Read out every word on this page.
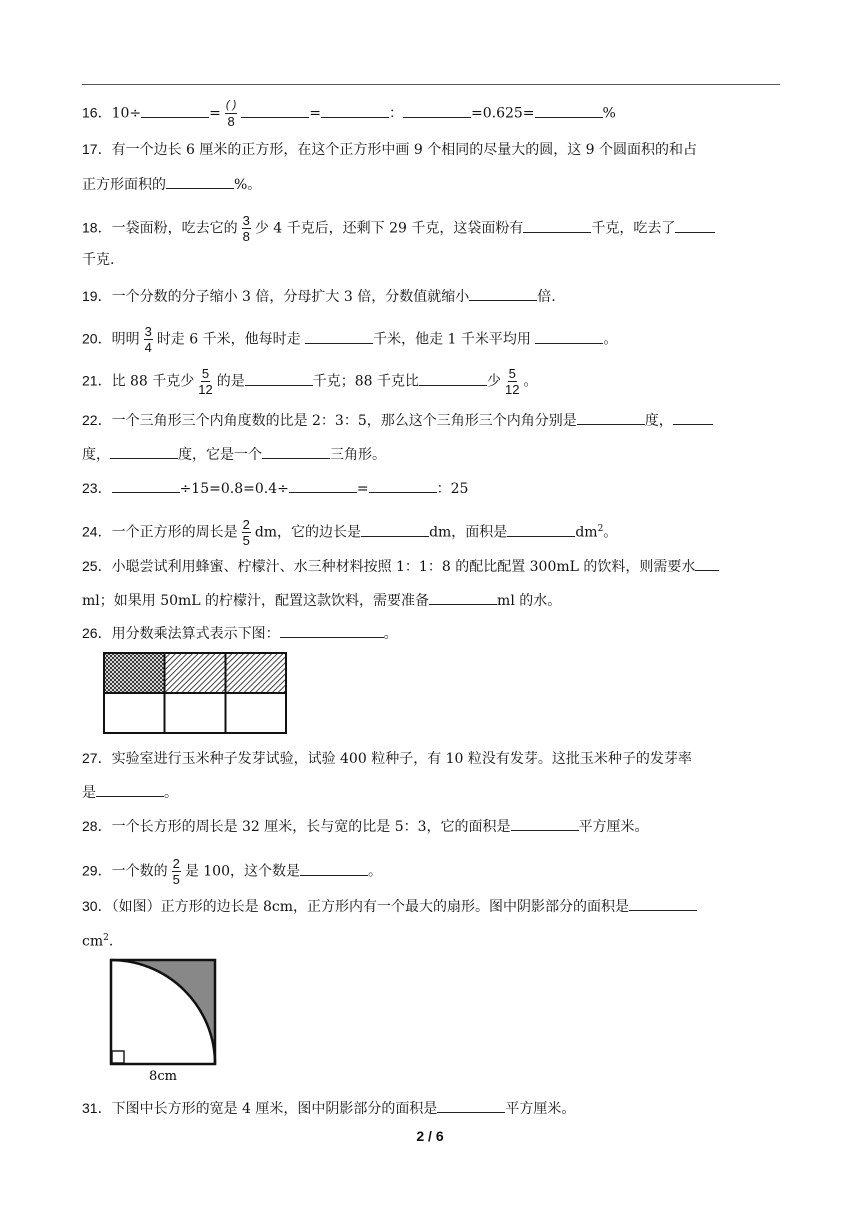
16．10÷	= $\frac{( )}{8}$	=	：	=0.625=	%
17．有一个边长 6 厘米的正方形，在这个正方形中画 9 个相同的尽量大的圆，这 9 个圆面积的和占
正方形面积的	%。
18．一袋面粉，吃去它的 $\frac{3}{8}$ 少 4 千克后，还剩下 29 千克，这袋面粉有	千克，吃去了
千克.
19．一个分数的分子缩小 3 倍，分母扩大 3 倍，分数值就缩小	倍.
20．明明 $\frac{3}{4}$ 时走 6 千米，他每时走	千米，他走 1 千米平均用	。
21．比 88 千克少 $\frac{5}{12}$ 的是	千克；88 千克比	少 $\frac{5}{12}$ 。
22．一个三角形三个内角度数的比是 2：3：5，那么这个三角形三个内角分别是	度，
度，	度，它是一个	三角形。
23．	÷15=0.8=0.4÷	=	：25
24．一个正方形的周长是 $\frac{2}{5}$ dm，它的边长是	dm，面积是	$dm^2$。
25．小聪尝试利用蜂蜜、柠檬汁、水三种材料按照 1：1：8 的配比配置 300mL 的饮料，则需要水
ml；如果用 50mL 的柠檬汁，配置这款饮料，需要准备	ml 的水。
26．用分数乘法算式表示下图：	。
27．实验室进行玉米种子发芽试验，试验 400 粒种子，有 10 粒没有发芽。这批玉米种子的发芽率
是	。
28．一个长方形的周长是 32 厘米，长与宽的比是 5：3，它的面积是	平方厘米。
29．一个数的 $\frac{2}{5}$ 是 100，这个数是	。
30．（如图）正方形的边长是 8cm，正方形内有一个最大的扇形。图中阴影部分的面积是
$cm^2$.
8cm
31．下图中长方形的宽是 4 厘米，图中阴影部分的面积是	平方厘米。
2 / 6
